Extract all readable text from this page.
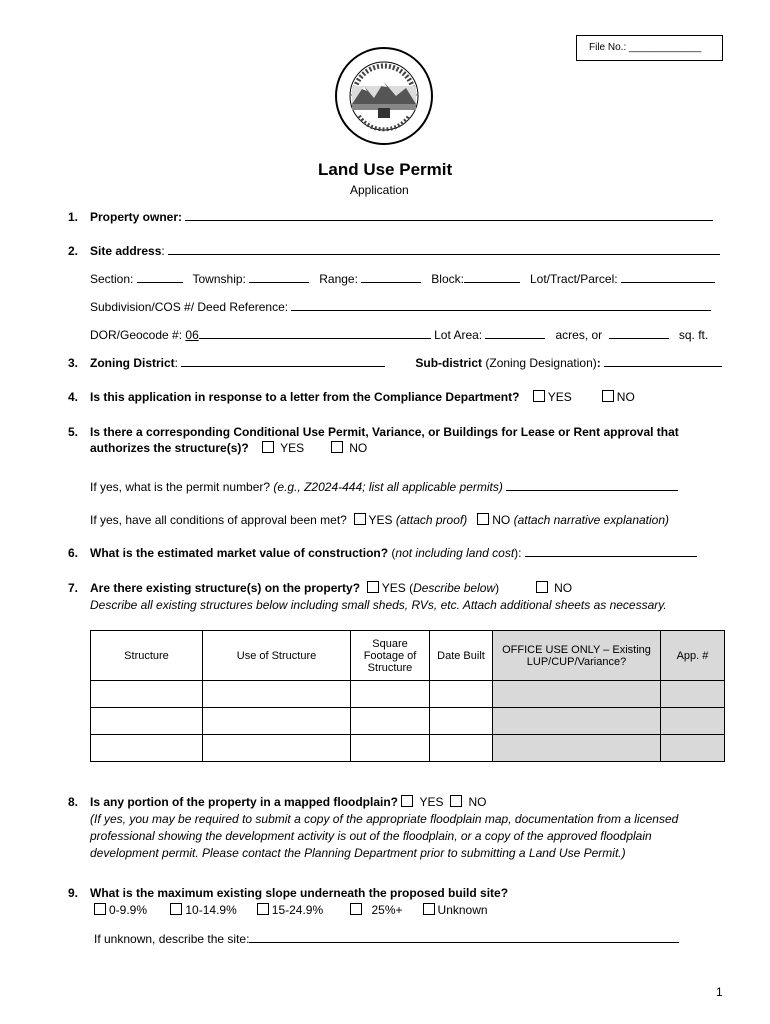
File No.: _____________
Land Use Permit
Application
1. Property owner:
2. Site address:
Section:	Township:	Range:	Block:	Lot/Tract/Parcel:
Subdivision/COS #/ Deed Reference:
DOR/Geocode #: 06	Lot Area:	acres, or	sq. ft.
3. Zoning District:	Sub-district (Zoning Designation):
4. Is this application in response to a letter from the Compliance Department? YES	NO
5. Is there a corresponding Conditional Use Permit, Variance, or Buildings for Lease or Rent approval that
authorizes the structure(s)?	YES	NO
If yes, what is the permit number? (e.g., Z2024-444; list all applicable permits)
If yes, have all conditions of approval been met? YES (attach proof) NO (attach narrative explanation)
6. What is the estimated market value of construction? (not including land cost):
7. Are there existing structure(s) on the property? YES (Describe below)            NO
Describe all existing structures below including small sheds, RVs, etc. Attach additional sheets as necessary.
Structure	Use of Structure	Square Footage of Structure	Date Built	OFFICE USE ONLY – Existing LUP/CUP/Variance?	App. #

8. Is any portion of the property in a mapped floodplain? YES NO
(If yes, you may be required to submit a copy of the appropriate floodplain map, documentation from a licensed
professional showing the development activity is out of the floodplain, or a copy of the approved floodplain
development permit. Please contact the Planning Department prior to submitting a Land Use Permit.)
9. What is the maximum existing slope underneath the proposed build site?
0-9.9%	10-14.9%	15-24.9%	25%+	Unknown
If unknown, describe the site:
1
